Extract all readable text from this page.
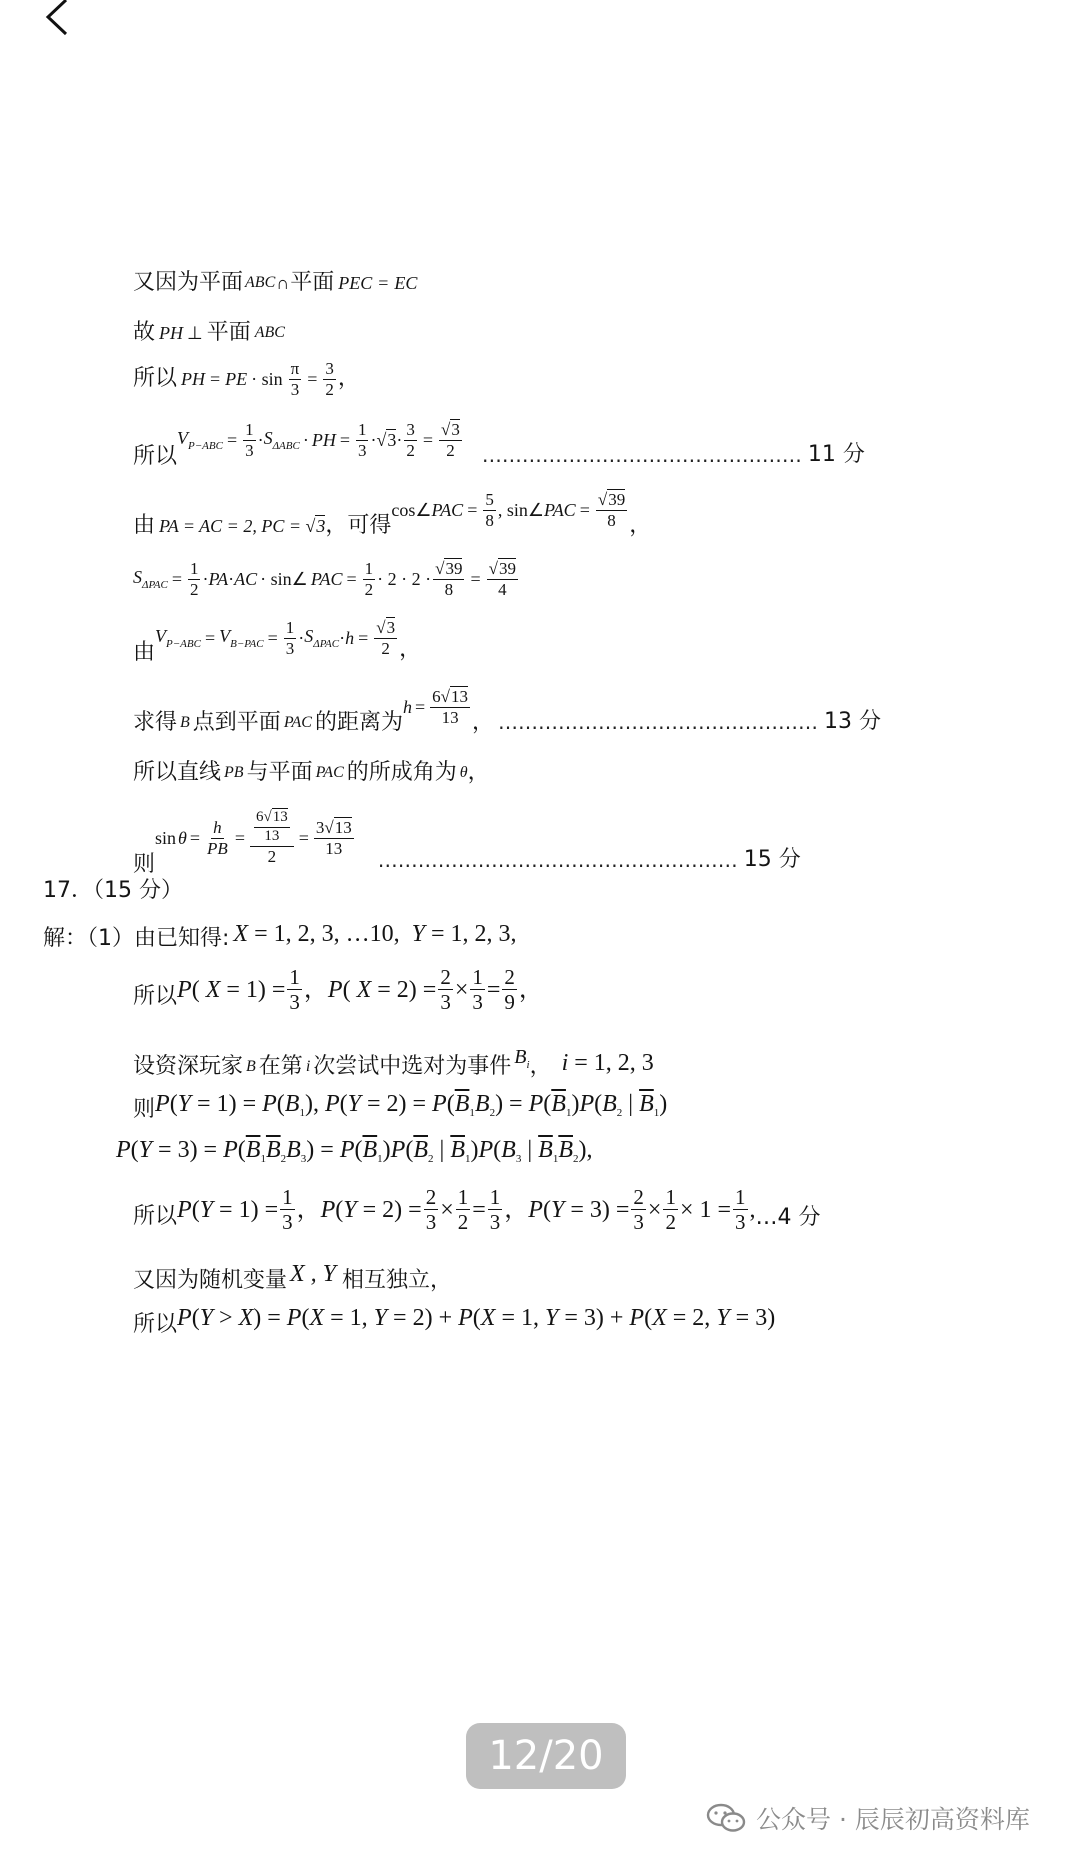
又因为平面 ABC ∩ 平面 PEC = EC
故 PH ⊥ 平面 ABC
所以 PH = PE · $\sin \frac{\pi}{3} = \frac{3}{2}$ ，
所以
$V_{P-ABC} = \frac{1}{3} \cdot S_{\Delta ABC}$ · PH = $\frac{1}{3} \cdot√3\cdot \frac{3}{2} = \frac{√3}{2}$ ………………………………………… 11 分
由 PA = AC = 2, PC = √3 ，可得
cos∠ PAC = $\frac{5}{8}$ , sin∠ PAC = $\frac{√39}{8}$ ，
$S_{\Delta PAC} = \frac{1}{2}$ · PA · AC · sin∠ PAC = $\frac{1}{2} \cdot 2 \cdot 2 \cdot \frac{√39}{8} = \frac{√39}{4}$
由
$V_{P-ABC} = V_{B-PAC} = \frac{1}{3} \cdot S_{\Delta PAC} \cdot h = \frac{√3}{2}$ ，
求得 B 点到平面 PAC 的距离为
$h = \frac{6√13}{13}$ ， ………………………………………… 13 分
所以直线 PB 与平面 PAC 的所成角为 θ ，
则
$\sin \theta = \frac{h}{PB} = \frac{\frac{6√13}{13}}{2} = \frac{3√13}{13}$
……………………………………………… 15 分
17．（15 分）
解：（1）由已知得: X = 1, 2, 3, …10, Y = 1, 2, 3,
所以 P( $X = 1) = \frac{1}{3}$ ，P( $X = 2) = \frac{2}{3} \times \frac{1}{3} = \frac{2}{9}$ ，
设资深玩家 B 在第 i 次尝试中选对为事件 $B_i$ ， i = 1, 2, 3
则 $P(Y = 1) = P(B_1)$, $P(Y = 2) = P(\overline{B}_1B_2) = P(\overline{B}_1)P(B_2$ | $\overline{B}_1$)
$P(Y = 3) = P(\overline{B}_1\overline{B}_2B_3) = P(\overline{B}_1)P(\overline{B}_2$ | $\overline{B}_1)P(B_3$ | $\overline{B}_1\overline{B}_2$),
所以 $P(Y = 1) = \frac{1}{3}$ ，$P(Y = 2) = \frac{2}{3} \times \frac{1}{2} = \frac{1}{3}$ ，$P(Y = 3) = \frac{2}{3} \times \frac{1}{2} \times 1 = \frac{1}{3}$ , …4 分
又因为随机变量 X , Y 相互独立，
所以 P(Y > X) = P(X = 1, Y = 2) + P(X = 1, Y = 3) + P(X = 2, Y = 3)
12/20
公众号 · 辰辰初高资料库
